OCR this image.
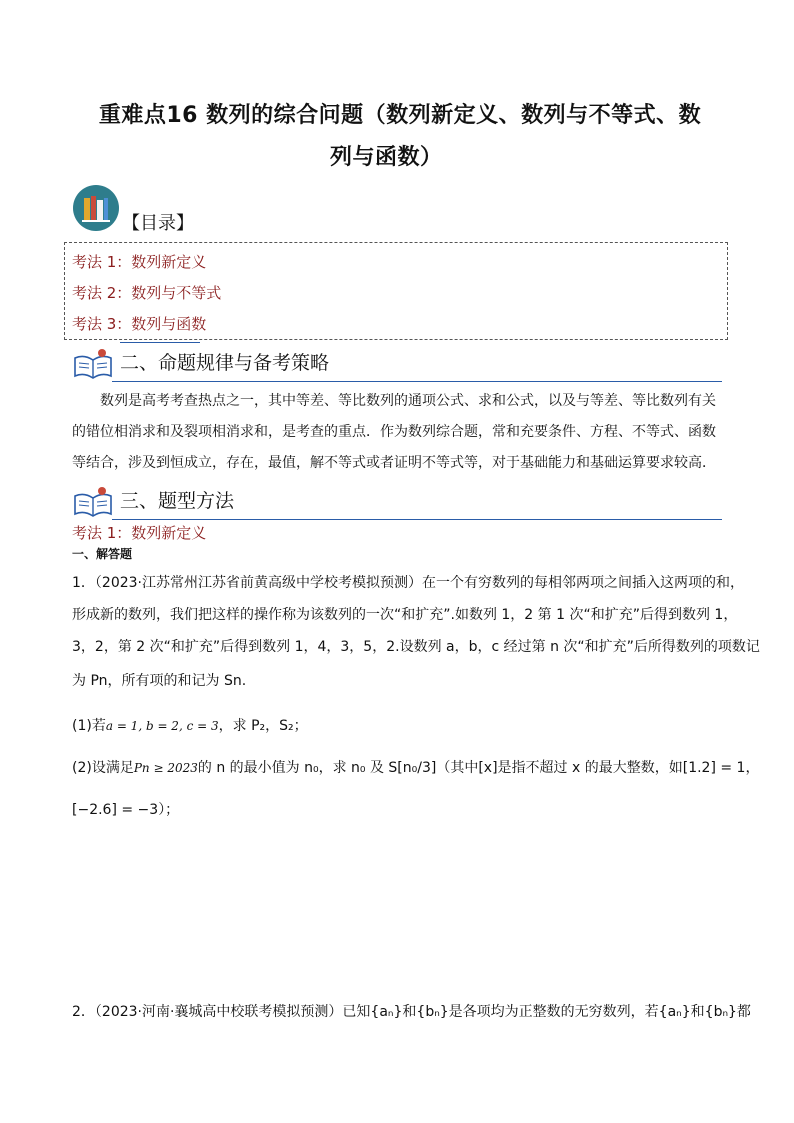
重难点16 数列的综合问题（数列新定义、数列与不等式、数
列与函数）
【目录】
考法 1：数列新定义
考法 2：数列与不等式
考法 3：数列与函数
二、命题规律与备考策略
数列是高考考查热点之一，其中等差、等比数列的通项公式、求和公式，以及与等差、等比数列有关
的错位相消求和及裂项相消求和，是考查的重点．作为数列综合题，常和充要条件、方程、不等式、函数
等结合，涉及到恒成立，存在，最值，解不等式或者证明不等式等，对于基础能力和基础运算要求较高．
三、题型方法
考法 1：数列新定义
一、解答题
1．（2023·江苏常州江苏省前黄高级中学校考模拟预测）在一个有穷数列的每相邻两项之间插入这两项的和，
形成新的数列，我们把这样的操作称为该数列的一次“和扩充”.如数列 1，2 第 1 次“和扩充”后得到数列 1，
3，2，第 2 次“和扩充”后得到数列 1，4，3，5，2.设数列 a，b，c 经过第 n 次“和扩充”后所得数列的项数记
为 Pn，所有项的和记为 Sn.
(1)若a = 1, b = 2, c = 3，求 P₂，S₂；
(2)设满足Pn ≥ 2023的 n 的最小值为 n₀，求 n₀ 及 S[n₀/3]（其中[x]是指不超过 x 的最大整数，如[1.2] = 1，
[−2.6] = −3）；
2．（2023·河南·襄城高中校联考模拟预测）已知{aₙ}和{bₙ}是各项均为正整数的无穷数列，若{aₙ}和{bₙ}都
